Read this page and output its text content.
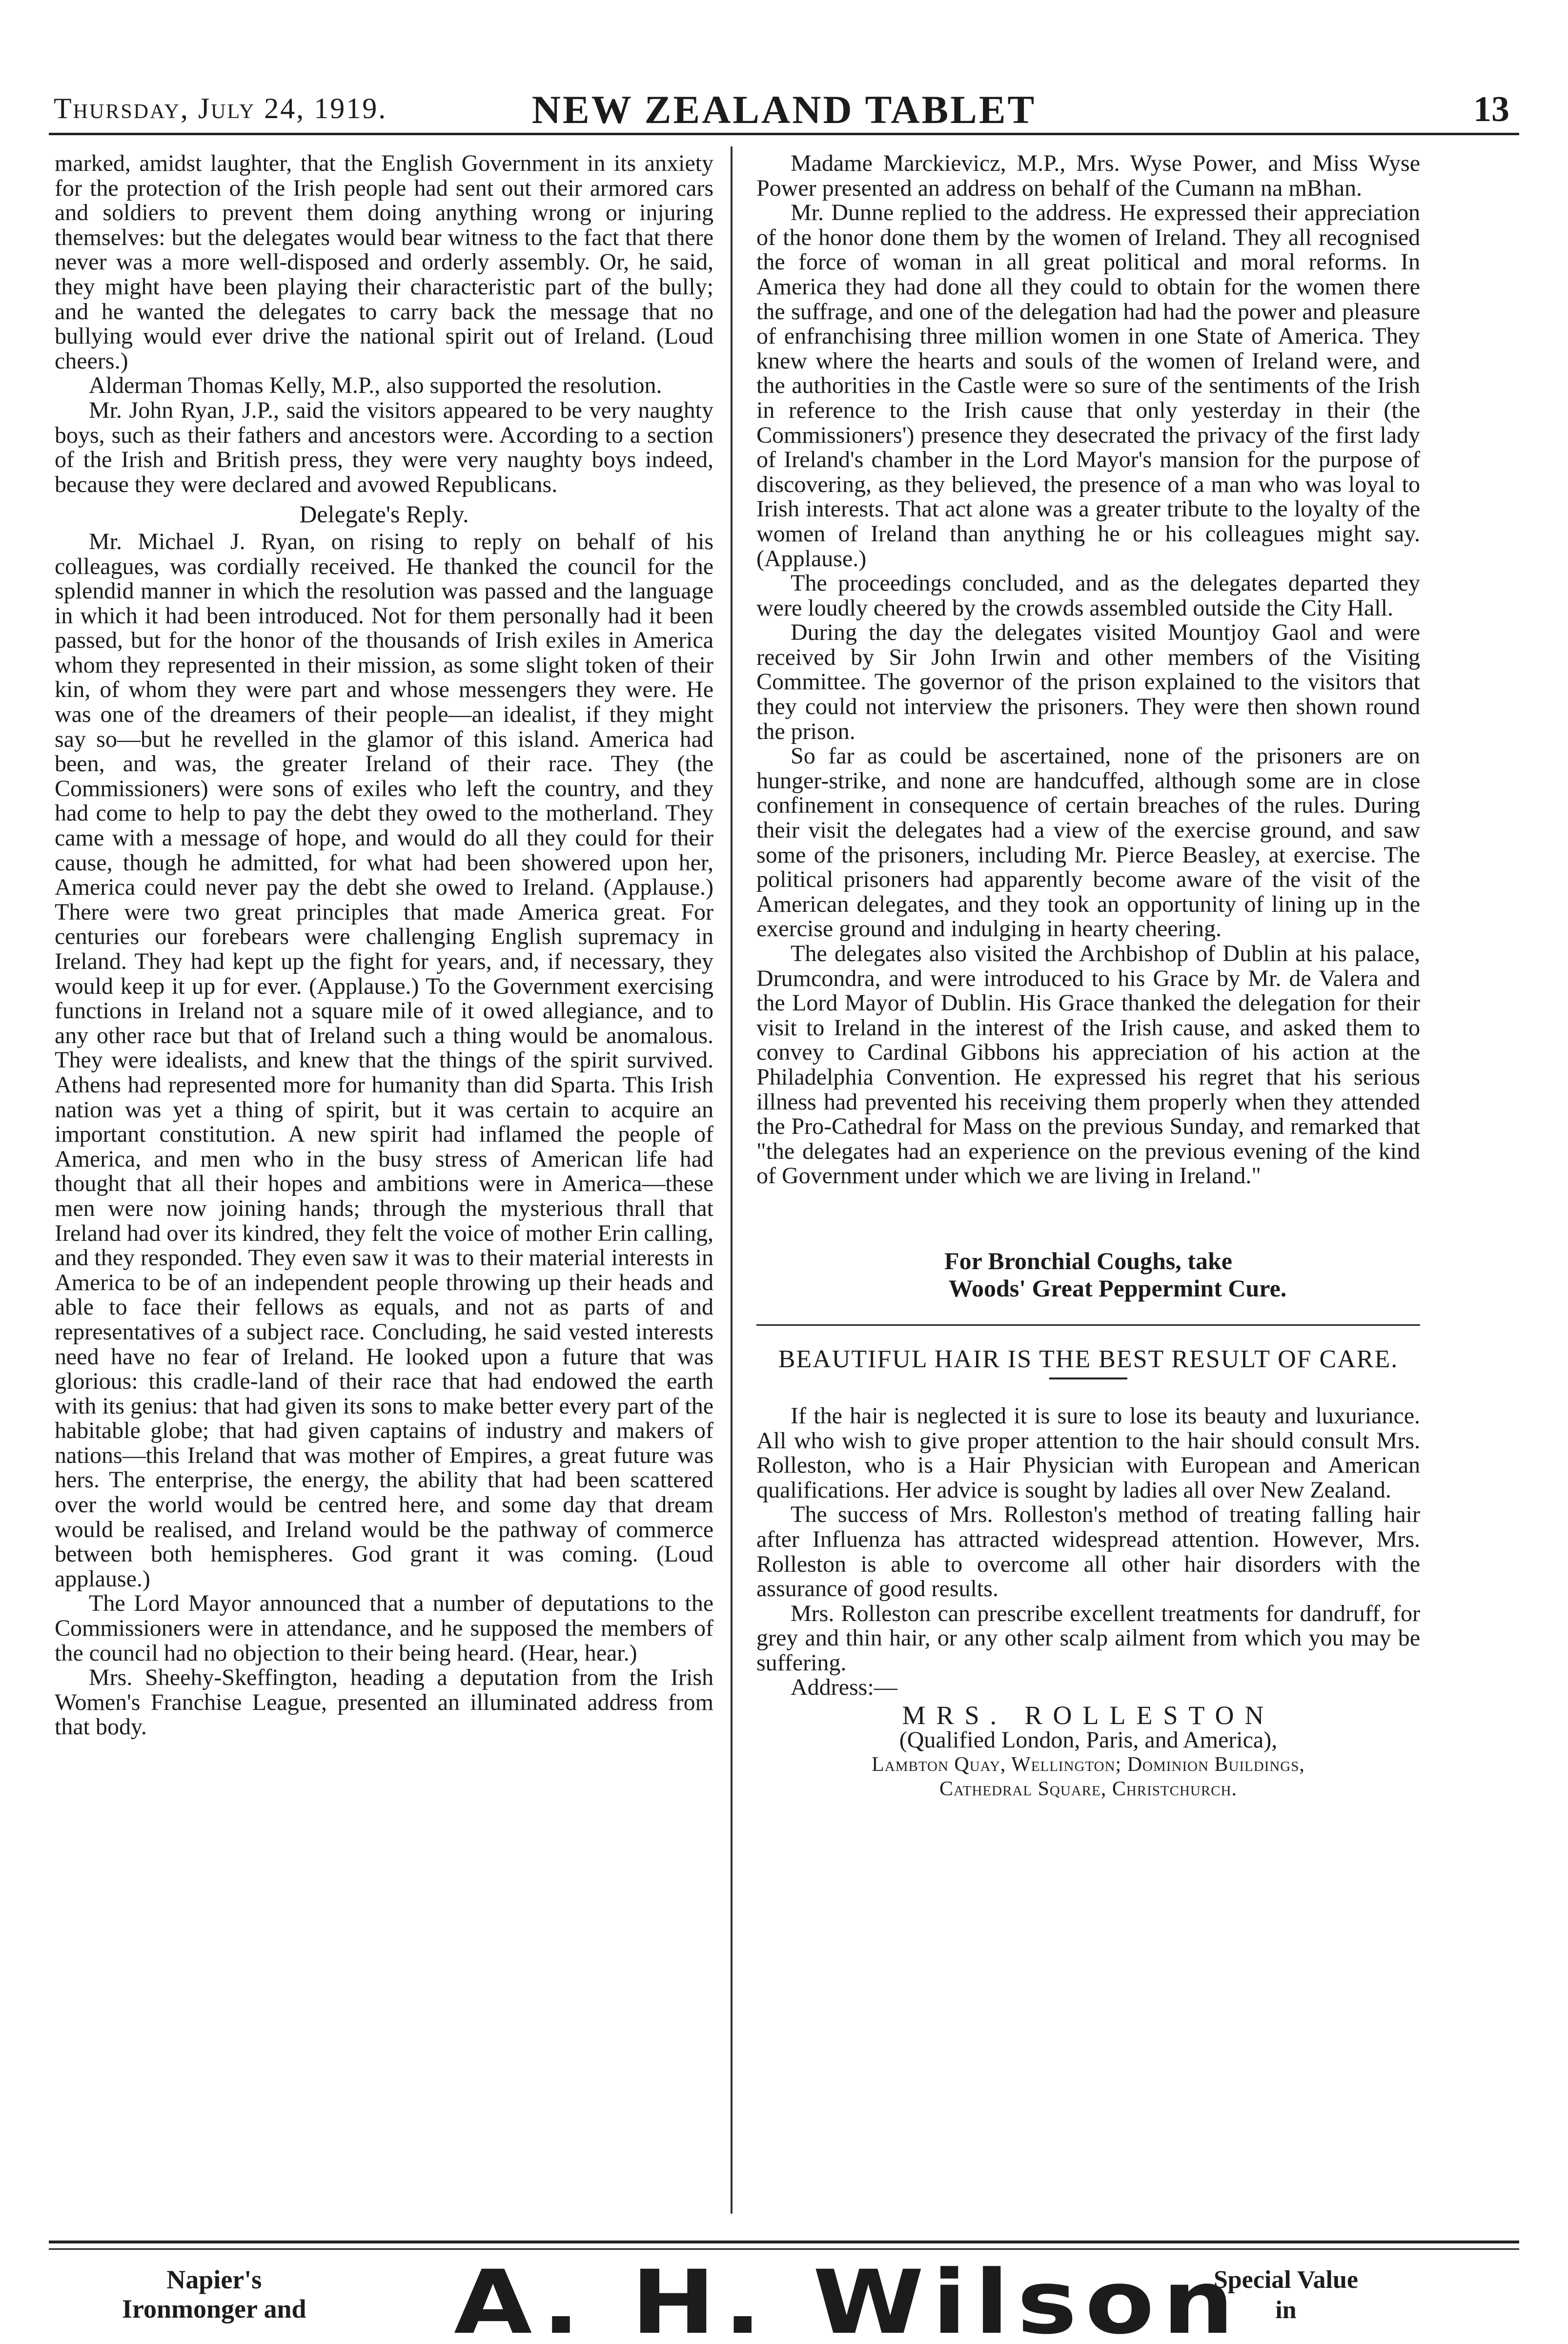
Thursday, July 24, 1919.	NEW ZEALAND TABLET	13

marked, amidst laughter, that the English Government in its anxiety for the protection of the Irish people had sent out their armored cars and soldiers to prevent them doing anything wrong or injuring themselves: but the delegates would bear witness to the fact that there never was a more well-disposed and orderly assembly. Or, he said, they might have been playing their characteristic part of the bully; and he wanted the delegates to carry back the message that no bullying would ever drive the national spirit out of Ireland. (Loud cheers.)

Alderman Thomas Kelly, M.P., also supported the resolution.

Mr. John Ryan, J.P., said the visitors appeared to be very naughty boys, such as their fathers and ancestors were. According to a section of the Irish and British press, they were very naughty boys indeed, because they were declared and avowed Republicans.

Delegate's Reply.

Mr. Michael J. Ryan, on rising to reply on behalf of his colleagues, was cordially received. He thanked the council for the splendid manner in which the resolution was passed and the language in which it had been introduced. Not for them personally had it been passed, but for the honor of the thousands of Irish exiles in America whom they represented in their mission, as some slight token of their kin, of whom they were part and whose messengers they were. He was one of the dreamers of their people—an idealist, if they might say so—but he revelled in the glamor of this island. America had been, and was, the greater Ireland of their race. They (the Commissioners) were sons of exiles who left the country, and they had come to help to pay the debt they owed to the motherland. They came with a message of hope, and would do all they could for their cause, though he admitted, for what had been showered upon her, America could never pay the debt she owed to Ireland. (Applause.) There were two great principles that made America great. For centuries our forebears were challenging English supremacy in Ireland. They had kept up the fight for years, and, if necessary, they would keep it up for ever. (Applause.) To the Government exercising functions in Ireland not a square mile of it owed allegiance, and to any other race but that of Ireland such a thing would be anomalous. They were idealists, and knew that the things of the spirit survived. Athens had represented more for humanity than did Sparta. This Irish nation was yet a thing of spirit, but it was certain to acquire an important constitution. A new spirit had inflamed the people of America, and men who in the busy stress of American life had thought that all their hopes and ambitions were in America—these men were now joining hands; through the mysterious thrall that Ireland had over its kindred, they felt the voice of mother Erin calling, and they responded. They even saw it was to their material interests in America to be of an independent people throwing up their heads and able to face their fellows as equals, and not as parts of and representatives of a subject race. Concluding, he said vested interests need have no fear of Ireland. He looked upon a future that was glorious: this cradle-land of their race that had endowed the earth with its genius: that had given its sons to make better every part of the habitable globe; that had given captains of industry and makers of nations—this Ireland that was mother of Empires, a great future was hers. The enterprise, the energy, the ability that had been scattered over the world would be centred here, and some day that dream would be realised, and Ireland would be the pathway of commerce between both hemispheres. God grant it was coming. (Loud applause.)

The Lord Mayor announced that a number of deputations to the Commissioners were in attendance, and he supposed the members of the council had no objection to their being heard. (Hear, hear.)

Mrs. Sheehy-Skeffington, heading a deputation from the Irish Women's Franchise League, presented an illuminated address from that body.

Madame Marckievicz, M.P., Mrs. Wyse Power, and Miss Wyse Power presented an address on behalf of the Cumann na mBhan.

Mr. Dunne replied to the address. He expressed their appreciation of the honor done them by the women of Ireland. They all recognised the force of woman in all great political and moral reforms. In America they had done all they could to obtain for the women there the suffrage, and one of the delegation had had the power and pleasure of enfranchising three million women in one State of America. They knew where the hearts and souls of the women of Ireland were, and the authorities in the Castle were so sure of the sentiments of the Irish in reference to the Irish cause that only yesterday in their (the Commissioners') presence they desecrated the privacy of the first lady of Ireland's chamber in the Lord Mayor's mansion for the purpose of discovering, as they believed, the presence of a man who was loyal to Irish interests. That act alone was a greater tribute to the loyalty of the women of Ireland than anything he or his colleagues might say. (Applause.)

The proceedings concluded, and as the delegates departed they were loudly cheered by the crowds assembled outside the City Hall.

During the day the delegates visited Mountjoy Gaol and were received by Sir John Irwin and other members of the Visiting Committee. The governor of the prison explained to the visitors that they could not interview the prisoners. They were then shown round the prison.

So far as could be ascertained, none of the prisoners are on hunger-strike, and none are handcuffed, although some are in close confinement in consequence of certain breaches of the rules. During their visit the delegates had a view of the exercise ground, and saw some of the prisoners, including Mr. Pierce Beasley, at exercise. The political prisoners had apparently become aware of the visit of the American delegates, and they took an opportunity of lining up in the exercise ground and indulging in hearty cheering.

The delegates also visited the Archbishop of Dublin at his palace, Drumcondra, and were introduced to his Grace by Mr. de Valera and the Lord Mayor of Dublin. His Grace thanked the delegation for their visit to Ireland in the interest of the Irish cause, and asked them to convey to Cardinal Gibbons his appreciation of his action at the Philadelphia Convention. He expressed his regret that his serious illness had prevented his receiving them properly when they attended the Pro-Cathedral for Mass on the previous Sunday, and remarked that "the delegates had an experience on the previous evening of the kind of Government under which we are living in Ireland."

For Bronchial Coughs, take
Woods' Great Peppermint Cure.
BEAUTIFUL HAIR IS THE BEST RESULT OF CARE.

If the hair is neglected it is sure to lose its beauty and luxuriance. All who wish to give proper attention to the hair should consult Mrs. Rolleston, who is a Hair Physician with European and American qualifications. Her advice is sought by ladies all over New Zealand.

The success of Mrs. Rolleston's method of treating falling hair after Influenza has attracted widespread attention. However, Mrs. Rolleston is able to overcome all other hair disorders with the assurance of good results.

Mrs. Rolleston can prescribe excellent treatments for dandruff, for grey and thin hair, or any other scalp ailment from which you may be suffering.

Address:—

MRS. ROLLESTON
(Qualified London, Paris, and America),
Lambton Quay, Wellington; Dominion Buildings,
Cathedral Square, Christchurch.
Napier's
Ironmonger and A. H. Wilson
Special Value
in
